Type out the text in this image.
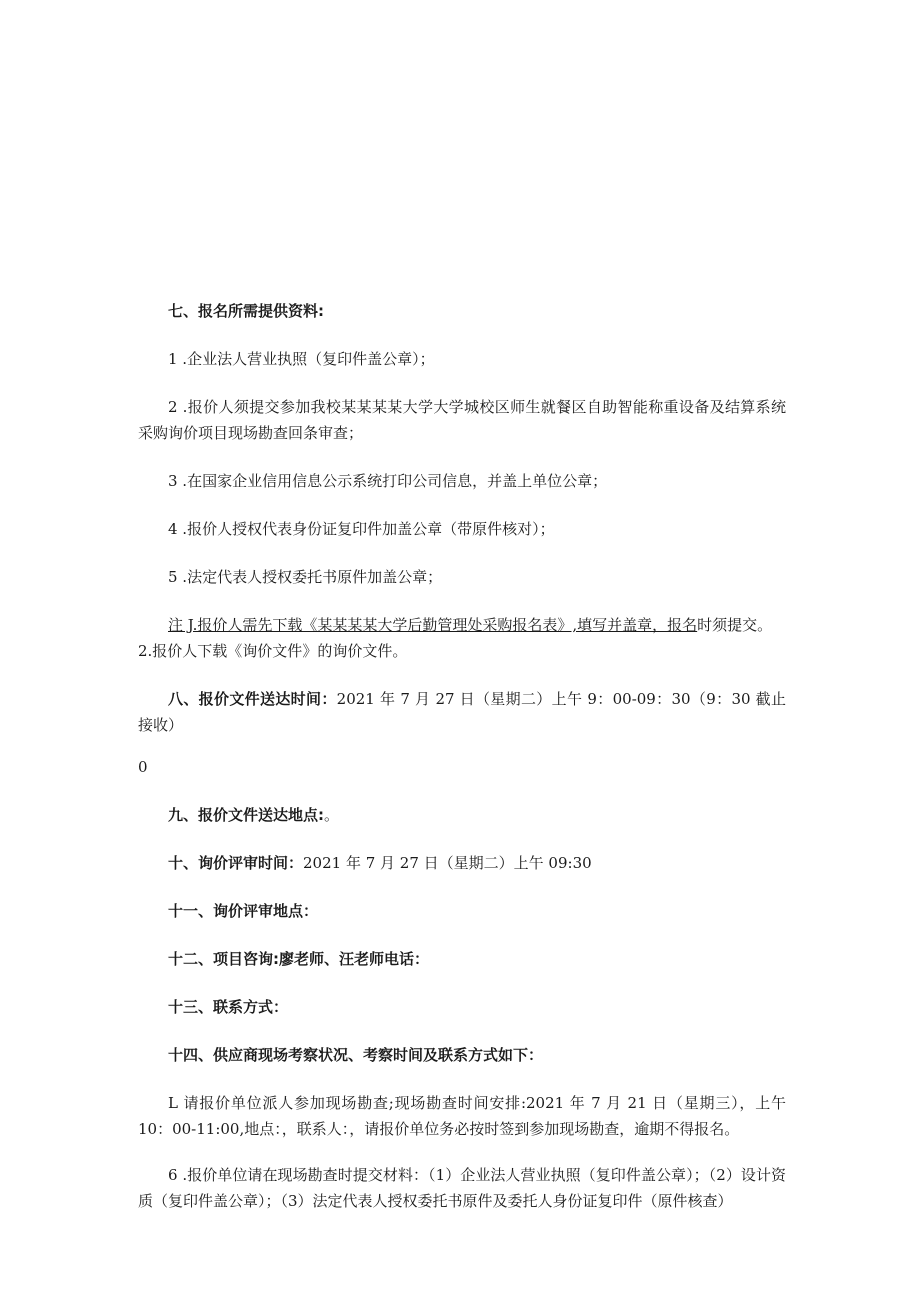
七、报名所需提供资料:

1 .企业法人营业执照（复印件盖公章）；

2 .报价人须提交参加我校某某某某大学大学城校区师生就餐区自助智能称重设备及结算系统采购询价项目现场勘查回条审查；

3 .在国家企业信用信息公示系统打印公司信息，并盖上单位公章；

4 .报价人授权代表身份证复印件加盖公章（带原件核对）；

5 .法定代表人授权委托书原件加盖公章；

注 J.报价人需先下载《某某某某大学后勤管理处采购报名表》,填写并盖章，报名时须提交。

2.报价人下载《询价文件》的询价文件。

八、报价文件送达时间：2021 年 7 月 27 日（星期二）上午 9：00-09：30（9：30 截止接收）

0

九、报价文件送达地点:。

十、询价评审时间：2021 年 7 月 27 日（星期二）上午 09:30

十一、询价评审地点：

十二、项目咨询:廖老师、汪老师电话：

十三、联系方式：

十四、供应商现场考察状况、考察时间及联系方式如下：

L 请报价单位派人参加现场勘查;现场勘查时间安排:2021 年 7 月 21 日（星期三），上午 10：00-11:00,地点：，联系人：，请报价单位务必按时签到参加现场勘查，逾期不得报名。

6 .报价单位请在现场勘查时提交材料：（1）企业法人营业执照（复印件盖公章）；（2）设计资质（复印件盖公章）；（3）法定代表人授权委托书原件及委托人身份证复印件（原件核查）
